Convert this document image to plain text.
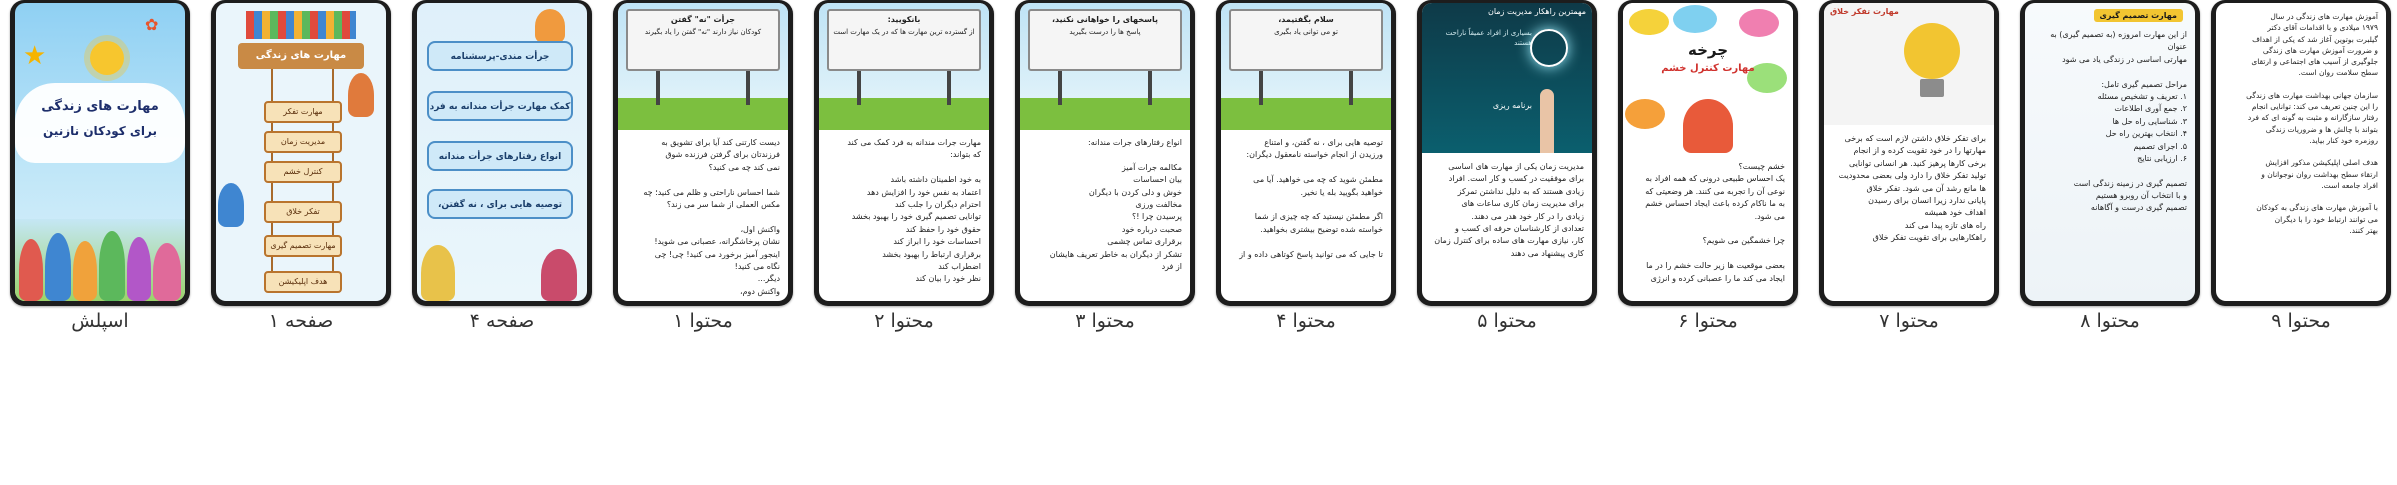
★
✿
مهارت های زندگی
برای کودکان نازنین
اسپلش
مهارت های زندگی
مهارت تفکر
مدیریت زمان
کنترل خشم
تفکر خلاق
مهارت تصمیم گیری
هدف اپلیکیشن
صفحه ۱
جرأت مندی-پرسشنامه
کمک مهارت جرأت مندانه به فرد
انواع رفتارهای جرأت مندانه
توصیه هایی برای ، نه گفتن،
صفحه ۴
جرأت "نه" گفتن
کودکان نیاز دارند "نه" گفتن را یاد بگیرند
دیست کارتنی کند آیا برای تشویق به
فرزندتان برای گرفتن فرزنده شوق
نمی کند چه می کنید؟

شما احساس ناراحتی و ظلم می کنید؛ چه
مکس العملی از شما سر می زند؟

واکنش اول،
نشان پرخاشگرانه، عصبانی می شوید!
اینجور آمیز برخورد می کنید! چی! چی
نگاه می کنید!
دیگر...
واکنش دوم،
محتوا ۱
بانکویید:
از گسترده ترین مهارت ها که در یک مهارت است
مهارت جرات مندانه به فرد کمک می کند
که بتواند:

به خود اطمینان داشته باشد
اعتماد به نفس خود را افزایش دهد
احترام دیگران را جلب کند
توانایی تصمیم گیری خود را بهبود بخشد
حقوق خود را حفظ کند
احساسات خود را ابراز کند
برقراری ارتباط را بهبود بخشد
اضطراب کند
نظر خود را بیان کند
محتوا ۲
پاسخهای را خواهانی نکنید،
پاسخ ها را درست بگیرید
انواع رفتارهای جرات مندانه:

مکالمه جرات آمیز
بیان احساسات
خوش و دلی کردن با دیگران
مخالفت ورزی
پرسیدن چرا !؟
صحبت درباره خود
برقراری تماس چشمی
تشکر از دیگران به خاطر تعریف هایشان
از فرد
محتوا ۳
سلام بگفتیمد،
تو می توانی یاد بگیری
توصیه هایی برای ، نه گفتن، و امتناع
ورزیدن از انجام خواسته نامعقول دیگران:

مطمئن شوید که چه می خواهید. آیا می
خواهید بگویید بله یا نخیر.

اگر مطمئن نیستید که چه چیزی از شما
خواسته شده توضیح بیشتری بخواهید.

تا جایی که می توانید پاسخ کوتاهی داده و از
محتوا ۴
مهمترین راهکار مدیریت زمان
بسیاری از افراد عمیقاً ناراحت هستند
برنامه ریزی
مدیریت زمان یکی از مهارت های اساسی
برای موفقیت در کسب و کار است. افراد
زیادی هستند که به دلیل نداشتن تمرکز
برای مدیریت زمان کاری ساعات های
زیادی را در کار خود هدر می دهند.
تعدادی از کارشناسان حرفه ای کسب و
کار، نیازی مهارت های ساده برای کنترل زمان
کاری پیشنهاد می دهند
محتوا ۵
چرخه
مهارت کنترل خشم
خشم چیست؟
یک احساس طبیعی درونی که همه افراد به
نوعی آن را تجربه می کنند. هر وضعیتی که
به ما ناکام کرده باعث ایجاد احساس خشم
می شود.

چرا خشمگین می شویم؟

بعضی موقعیت ها زیر حالت خشم را در ما
ایجاد می کند ما را عصبانی کرده و انرژی
محتوا ۶
مهارت تفکر خلاق
برای تفکر خلاق داشتن لازم است که برخی
مهارتها را در خود تقویت کرده و از انجام
برخی کارها پرهیز کنید. هر انسانی توانایی
تولید تفکر خلاق را دارد ولی بعضی محدودیت
ها مانع رشد آن می شود. تفکر خلاق
پایانی ندارد زیرا انسان برای رسیدن
اهداف خود همیشه
راه های تازه پیدا می کند
راهکارهایی برای تقویت تفکر خلاق
محتوا ۷
مهارت تصمیم گیری
از این مهارت امروزه (به تصمیم گیری) به عنوان
مهارتی اساسی در زندگی یاد می شود

مراحل تصمیم گیری تامل:
۱. تعریف و تشخیص مسئله
۲. جمع آوری اطلاعات
۳. شناسایی راه حل ها
۴. انتخاب بهترین راه حل
۵. اجرای تصمیم
۶. ارزیابی نتایج

تصمیم گیری در زمینه زندگی است
و با انتخاب آن روبرو هستیم
تصمیم گیری درست و آگاهانه
محتوا ۸
آموزش مهارت های زندگی در سال
۱۹۷۹ میلادی و با اقدامات آقای دکتر
گیلبرت بوتوین آغاز شد که یکی از اهداف
و ضرورت آموزش مهارت های زندگی
جلوگیری از آسیب های اجتماعی و ارتقای
سطح سلامت روان است.

سازمان جهانی بهداشت مهارت های زندگی
را این چنین تعریف می کند: توانایی انجام
رفتار سازگارانه و مثبت به گونه ای که فرد
بتواند با چالش ها و ضروریات زندگی
روزمره خود کنار بیاید.

هدف اصلی اپلیکیشن مذکور افزایش
ارتقاء سطح بهداشت روان نوجوانان و
افراد جامعه است.

با آموزش مهارت های زندگی به کودکان
می توانند ارتباط خود را با دیگران
بهتر کنند.
محتوا ۹
